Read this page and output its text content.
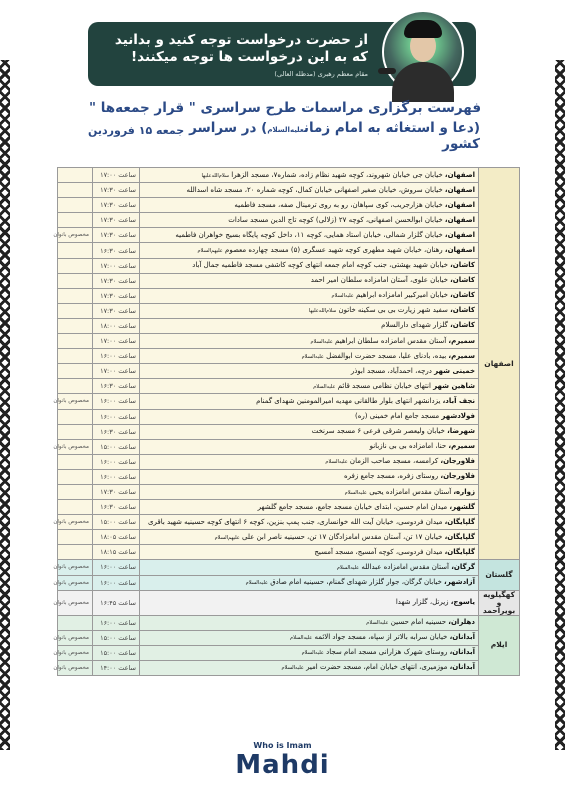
از حضرت درخواست توجه کنید و بدانید
که به این درخواست ها توجه میکنند!
مقام معظم رهبری (مدظله العالی)
فهرست برگزاری مراسمات طرح سراسری " قرار جمعه‌ها "
(دعا و استغاثه به امام زمانعلیه‌السلام) در سراسر کشور
جمعه ۱۵ فروردین
اصفهان	اصفهان، خیابان جی خیابان شهروند، کوچه شهید نظام زاده، شماره۷، مسجد الزهرا سلام‌الله‌علیها	ساعت ۱۷:۰۰	
	اصفهان، خیابان سروش، خیابان صغیر اصفهانی خیابان کمال، کوچه شماره ۲۰، مسجد شاه اسدالله	ساعت ۱۷:۳۰	
	اصفهان، خیابان هزارجریب، کوی سپاهان، رو به روی ترمینال صفه، مسجد فاطمیه	ساعت ۱۷:۳۰	
	اصفهان، خیابان ابوالحسن اصفهانی، کوچه ۲۷ (زلالی) کوچه تاج الدین مسجد سادات	ساعت ۱۷:۳۰	
	اصفهان، خیابان گلزار شمالی، خیابان استاد همایی، کوچه ۱۱، داخل کوچه پایگاه بسیج خواهران فاطمیه	ساعت ۱۷:۳۰	مخصوص بانوان
	اصفهان، رهنان، خیابان شهید مطهری کوچه شهید عسگری (۵) مسجد چهارده معصوم علیهم‌السلام	ساعت ۱۶:۳۰	
	کاشان، خیابان شهید بهشتی، جنب کوچه امام جمعه انتهای کوچه کاشفی مسجد فاطمیه جمال آباد	ساعت ۱۷:۰۰	
	کاشان، خیابان علوی، آستان امامزاده سلطان امیر احمد	ساعت ۱۷:۳۰	
	کاشان، خیابان امیرکبیر امامزاده ابراهیم علیه‌السلام	ساعت ۱۷:۳۰	
	کاشان، سفید شهر زیارت بی بی سکینه خاتون سلام‌الله‌علیها	ساعت ۱۷:۳۰	
	کاشان، گلزار شهدای دارالسلام	ساعت ۱۸:۰۰	
	سمیرم، آستان مقدس امامزاده سلطان ابراهیم علیه‌السلام	ساعت ۱۷:۰۰	
	سمیرم، بیده، بادنای علیا، مسجد حضرت ابوالفضل علیه‌السلام	ساعت ۱۶:۰۰	
	خمینی شهر درچه، احمدآباد، مسجد ابوذر	ساعت ۱۷:۰۰	
	شاهین شهر انتهای خیابان نظامی مسجد قائم علیه‌السلام	ساعت ۱۶:۳۰	
	نجف آباد، یزدانشهر انتهای بلوار طالقانی مهدیه امیرالمومنین شهدای گمنام	ساعت ۱۶:۰۰	مخصوص بانوان
	فولادشهر مسجد جامع امام خمینی (ره)	ساعت ۱۶:۰۰	
	شهرضا، خیابان ولیعصر شرقی فرعی ۶ مسجد سرنخت	ساعت ۱۶:۳۰	
	سمیرم، حنا، امامزاده بی بی نازبانو	ساعت ۱۵:۰۰	مخصوص بانوان
	فلاورجان، کرامسه، مسجد صاحب الزمان علیه‌السلام	ساعت ۱۶:۰۰	
	فلاورجان، روستای زفره، مسجد جامع زفره	ساعت ۱۶:۰۰	
	زواره، آستان مقدس امامزاده یحیی علیه‌السلام	ساعت ۱۷:۳۰	
	گلشهر، میدان امام حسین، ابتدای خیابان مسجد جامع، مسجد جامع گلشهر	ساعت ۱۶:۳۰	
	گلپایگان، میدان فردوسی، خیابان آیت الله خوانساری، جنب پمپ بنزین، کوچه ۶ انتهای کوچه حسینیه شهید باقری	ساعت ۱۵:۰۰	مخصوص بانوان
	گلپایگان، خیابان ۱۷ تن، آستان مقدس امامزادگان ۱۷ تن، حسینیه ناصر ابن علی علیهم‌السلام	ساعت ۱۸:۰۵	
	گلپایگان، میدان فردوسی، کوچه آمسیج، مسجد آمسیج	ساعت ۱۸:۱۵	
گلستان	گرگان، آستان مقدس امامزاده عبدالله علیه‌السلام	ساعت ۱۶:۰۰	مخصوص بانوان
	آزادشهر، خیابان گرگان، جوار گلزار شهدای گمنام، حسینیه امام صادق علیه‌السلام	ساعت ۱۶:۰۰	مخصوص بانوان
کهگیلویه و بویراحمد	یاسوج، زیرتل، گلزار شهدا	ساعت ۱۶:۴۵	مخصوص بانوان
ایلام	دهلران، حسینیه امام حسین علیه‌السلام	ساعت ۱۶:۰۰	
	آبدانان، خیابان سرابه بالاتر از سپاه، مسجد جواد الائمه علیه‌السلام	ساعت ۱۵:۰۰	مخصوص بانوان
	آبدانان، روستای شهرک هزارانی مسجد امام سجاد علیه‌السلام	ساعت ۱۵:۰۰	مخصوص بانوان
	آبدانان، موزمیری، انتهای خیابان امام، مسجد حضرت امیر علیه‌السلام	ساعت ۱۴:۰۰	مخصوص بانوان
Who is Imam
Mahdi
